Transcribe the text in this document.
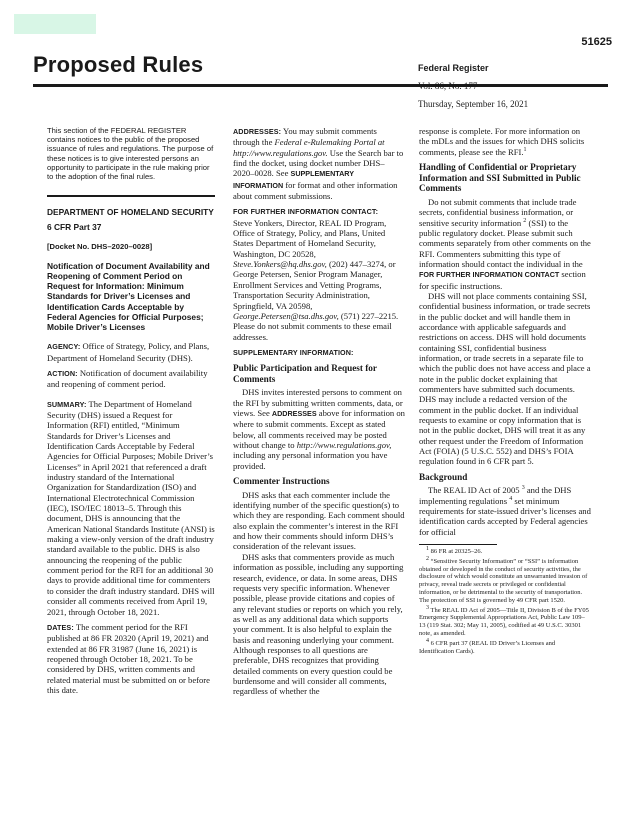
51625
Proposed Rules	Federal Register
Vol. 86, No. 177
Thursday, September 16, 2021

This section of the FEDERAL REGISTER contains notices to the public of the proposed issuance of rules and regulations. The purpose of these notices is to give interested persons an opportunity to participate in the rule making prior to the adoption of the final rules.

DEPARTMENT OF HOMELAND SECURITY

6 CFR Part 37

[Docket No. DHS–2020–0028]

Notification of Document Availability and Reopening of Comment Period on Request for Information: Minimum Standards for Driver’s Licenses and Identification Cards Acceptable by Federal Agencies for Official Purposes; Mobile Driver’s Licenses

AGENCY: Office of Strategy, Policy, and Plans, Department of Homeland Security (DHS).

ACTION: Notification of document availability and reopening of comment period.

SUMMARY: The Department of Homeland Security (DHS) issued a Request for Information (RFI) entitled, “Minimum Standards for Driver’s Licenses and Identification Cards Acceptable by Federal Agencies for Official Purposes; Mobile Driver’s Licenses” in April 2021 that referenced a draft industry standard of the International Organization for Standardization (ISO) and International Electrotechnical Commission (IEC), ISO/IEC 18013–5. Through this document, DHS is announcing that the American National Standards Institute (ANSI) is making a view-only version of the draft industry standard available to the public. DHS is also announcing the reopening of the public comment period for the RFI for an additional 30 days to provide additional time for commenters to consider the draft industry standard. DHS will consider all comments received from April 19, 2021, through October 18, 2021.

DATES: The comment period for the RFI published at 86 FR 20320 (April 19, 2021) and extended at 86 FR 31987 (June 16, 2021) is reopened through October 18, 2021. To be considered by DHS, written comments and related material must be submitted on or before this date.

ADDRESSES: You may submit comments through the Federal e-Rulemaking Portal at http://www.regulations.gov. Use the Search bar to find the docket, using docket number DHS–2020–0028. See SUPPLEMENTARY INFORMATION for format and other information about comment submissions.

FOR FURTHER INFORMATION CONTACT:
Steve Yonkers, Director, REAL ID Program, Office of Strategy, Policy, and Plans, United States Department of Homeland Security, Washington, DC 20528, Steve.Yonkers@hq.dhs.gov, (202) 447–3274, or George Petersen, Senior Program Manager, Enrollment Services and Vetting Programs, Transportation Security Administration, Springfield, VA 20598, George.Petersen@tsa.dhs.gov, (571) 227–2215. Please do not submit comments to these email addresses.

SUPPLEMENTARY INFORMATION:

Public Participation and Request for Comments

DHS invites interested persons to comment on the RFI by submitting written comments, data, or views. See ADDRESSES above for information on where to submit comments. Except as stated below, all comments received may be posted without change to http://www.regulations.gov, including any personal information you have provided.

Commenter Instructions

DHS asks that each commenter include the identifying number of the specific question(s) to which they are responding. Each comment should also explain the commenter’s interest in the RFI and how their comments should inform DHS’s consideration of the relevant issues.

DHS asks that commenters provide as much information as possible, including any supporting research, evidence, or data. In some areas, DHS requests very specific information. Whenever possible, please provide citations and copies of any relevant studies or reports on which you rely, as well as any additional data which supports your comment. It is also helpful to explain the basis and reasoning underlying your comment. Although responses to all questions are preferable, DHS recognizes that providing detailed comments on every question could be burdensome and will consider all comments, regardless of whether the

response is complete. For more information on the mDLs and the issues for which DHS solicits comments, please see the RFI.$^1$

Handling of Confidential or Proprietary Information and SSI Submitted in Public Comments

Do not submit comments that include trade secrets, confidential business information, or sensitive security information $^2$ (SSI) to the public regulatory docket. Please submit such comments separately from other comments on the RFI. Commenters submitting this type of information should contact the individual in the FOR FURTHER INFORMATION CONTACT section for specific instructions.

DHS will not place comments containing SSI, confidential business information, or trade secrets in the public docket and will handle them in accordance with applicable safeguards and restrictions on access. DHS will hold documents containing SSI, confidential business information, or trade secrets in a separate file to which the public does not have access and place a note in the public docket explaining that commenters have submitted such documents. DHS may include a redacted version of the comment in the public docket. If an individual requests to examine or copy information that is not in the public docket, DHS will treat it as any other request under the Freedom of Information Act (FOIA) (5 U.S.C. 552) and DHS’s FOIA regulation found in 6 CFR part 5.

Background

The REAL ID Act of 2005 $^3$ and the DHS implementing regulations $^4$ set minimum requirements for state-issued driver’s licenses and identification cards accepted by Federal agencies for official

$^1$ 86 FR at 20325–26.

$^2$ “Sensitive Security Information” or “SSI” is information obtained or developed in the conduct of security activities, the disclosure of which would constitute an unwarranted invasion of privacy, reveal trade secrets or privileged or confidential information, or be detrimental to the security of transportation. The protection of SSI is governed by 49 CFR part 1520.

$^3$ The REAL ID Act of 2005—Title II, Division B of the FY05 Emergency Supplemental Appropriations Act, Public Law 109–13 (119 Stat. 302; May 11, 2005), codified at 49 U.S.C. 30301 note, as amended.

$^4$ 6 CFR part 37 (REAL ID Driver’s Licenses and Identification Cards).
